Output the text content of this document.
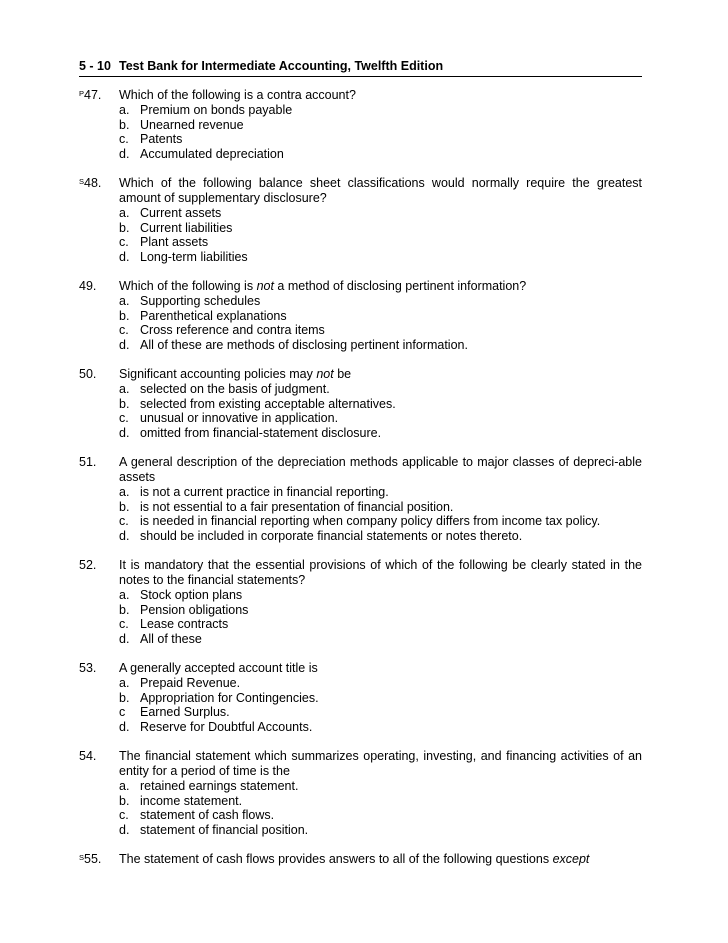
5 - 10 Test Bank for Intermediate Accounting, Twelfth Edition
$^P$47.	Which of the following is a contra account?
a. Premium on bonds payable
b. Unearned revenue
c. Patents
d. Accumulated depreciation
$^S$48.	Which of the following balance sheet classifications would normally require the greatest amount of supplementary disclosure?
a. Current assets
b. Current liabilities
c. Plant assets
d. Long-term liabilities
49.	Which of the following is not a method of disclosing pertinent information?
a. Supporting schedules
b. Parenthetical explanations
c. Cross reference and contra items
d. All of these are methods of disclosing pertinent information.
50.	Significant accounting policies may not be
a. selected on the basis of judgment.
b. selected from existing acceptable alternatives.
c. unusual or innovative in application.
d. omitted from financial-statement disclosure.
51.	A general description of the depreciation methods applicable to major classes of depreci-able assets
a. is not a current practice in financial reporting.
b. is not essential to a fair presentation of financial position.
c. is needed in financial reporting when company policy differs from income tax policy.
d. should be included in corporate financial statements or notes thereto.
52.	It is mandatory that the essential provisions of which of the following be clearly stated in the notes to the financial statements?
a. Stock option plans
b. Pension obligations
c. Lease contracts
d. All of these
53.	A generally accepted account title is
a. Prepaid Revenue.
b. Appropriation for Contingencies.
c Earned Surplus.
d. Reserve for Doubtful Accounts.
54.	The financial statement which summarizes operating, investing, and financing activities of an entity for a period of time is the
a. retained earnings statement.
b. income statement.
c. statement of cash flows.
d. statement of financial position.
$^S$55.	The statement of cash flows provides answers to all of the following questions except
